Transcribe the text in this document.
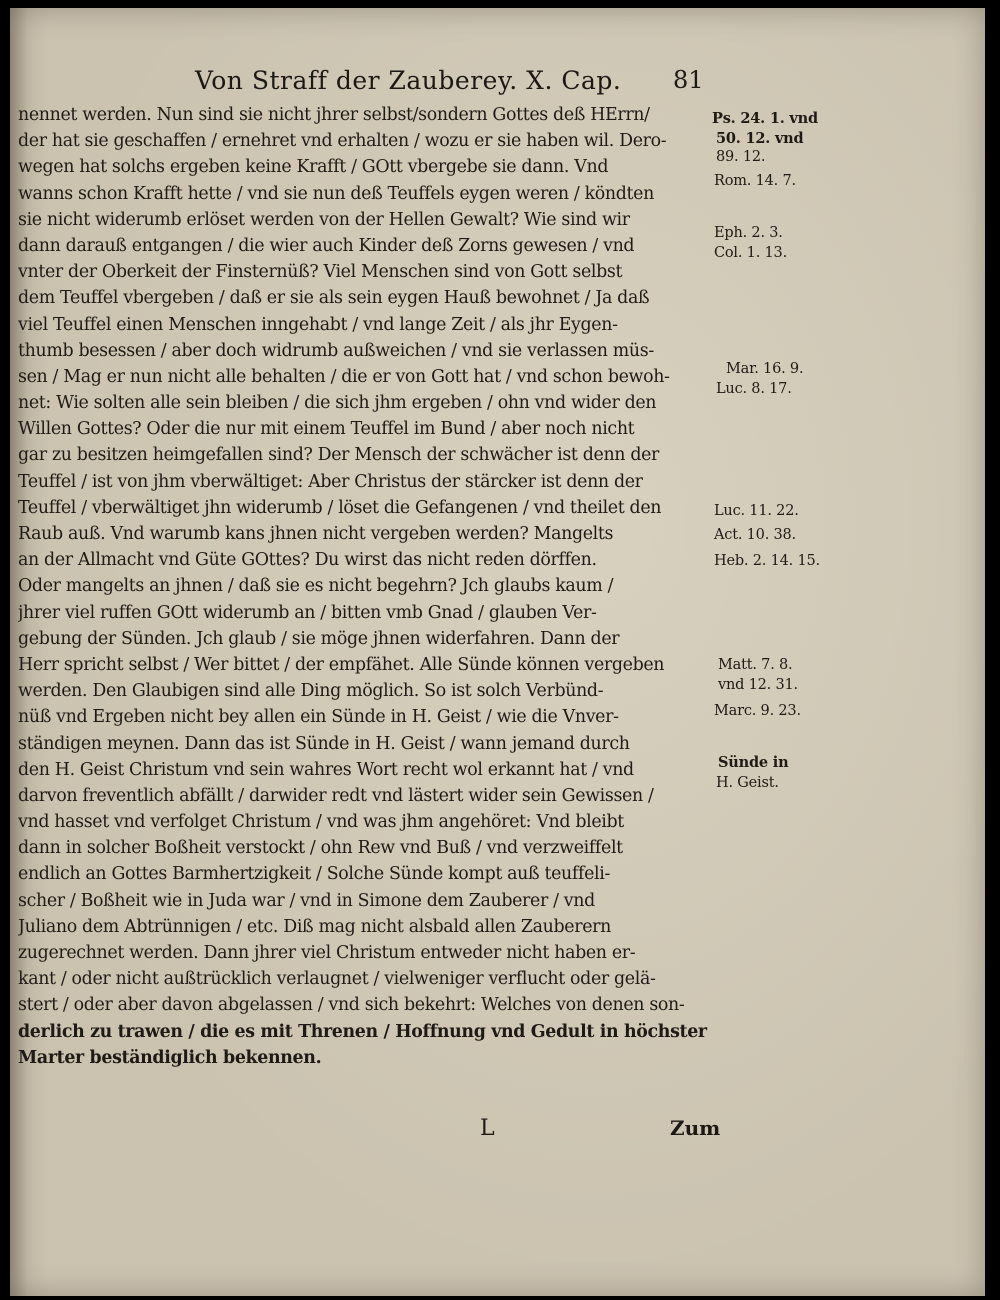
Von Straff der Zauberey. X. Cap. 81
nennet werden. Nun sind sie nicht jhrer selbst/sondern Gottes deß HErrn/
der hat sie geschaffen / ernehret vnd erhalten / wozu er sie haben wil. Dero-
wegen hat solchs ergeben keine Krafft / GOtt vbergebe sie dann. Vnd
wanns schon Krafft hette / vnd sie nun deß Teuffels eygen weren / köndten
sie nicht widerumb erlöset werden von der Hellen Gewalt? Wie sind wir
dann darauß entgangen / die wier auch Kinder deß Zorns gewesen / vnd
vnter der Oberkeit der Finsternüß? Viel Menschen sind von Gott selbst
dem Teuffel vbergeben / daß er sie als sein eygen Hauß bewohnet / Ja daß
viel Teuffel einen Menschen inngehabt / vnd lange Zeit / als jhr Eygen-
thumb besessen / aber doch widrumb außweichen / vnd sie verlassen müs-
sen / Mag er nun nicht alle behalten / die er von Gott hat / vnd schon bewoh-
net: Wie solten alle sein bleiben / die sich jhm ergeben / ohn vnd wider den
Willen Gottes? Oder die nur mit einem Teuffel im Bund / aber noch nicht
gar zu besitzen heimgefallen sind? Der Mensch der schwächer ist denn der
Teuffel / ist von jhm vberwältiget: Aber Christus der stärcker ist denn der
Teuffel / vberwältiget jhn widerumb / löset die Gefangenen / vnd theilet den
Raub auß. Vnd warumb kans jhnen nicht vergeben werden? Mangelts
an der Allmacht vnd Güte GOttes? Du wirst das nicht reden dörffen.
Oder mangelts an jhnen / daß sie es nicht begehrn? Jch glaubs kaum /
jhrer viel ruffen GOtt widerumb an / bitten vmb Gnad / glauben Ver-
gebung der Sünden. Jch glaub / sie möge jhnen widerfahren. Dann der
Herr spricht selbst / Wer bittet / der empfähet. Alle Sünde können vergeben
werden. Den Glaubigen sind alle Ding möglich. So ist solch Verbünd-
nüß vnd Ergeben nicht bey allen ein Sünde in H. Geist / wie die Vnver-
ständigen meynen. Dann das ist Sünde in H. Geist / wann jemand durch
den H. Geist Christum vnd sein wahres Wort recht wol erkannt hat / vnd
darvon freventlich abfällt / darwider redt vnd lästert wider sein Gewissen /
vnd hasset vnd verfolget Christum / vnd was jhm angehöret: Vnd bleibt
dann in solcher Boßheit verstockt / ohn Rew vnd Buß / vnd verzweiffelt
endlich an Gottes Barmhertzigkeit / Solche Sünde kompt auß teuffeli-
scher / Boßheit wie in Juda war / vnd in Simone dem Zauberer / vnd
Juliano dem Abtrünnigen / etc. Diß mag nicht alsbald allen Zauberern
zugerechnet werden. Dann jhrer viel Christum entweder nicht haben er-
kant / oder nicht außtrücklich verlaugnet / vielweniger verflucht oder gelä-
stert / oder aber davon abgelassen / vnd sich bekehrt: Welches von denen son-
derlich zu trawen / die es mit Threnen / Hoffnung vnd Gedult in höchster
Marter beständiglich bekennen.
Ps. 24. 1. vnd
50. 12. vnd
89. 12.
Rom. 14. 7.
Eph. 2. 3.
Col. 1. 13.
Mar. 16. 9.
Luc. 8. 17.
Luc. 11. 22.
Act. 10. 38.
Heb. 2. 14. 15.
Matt. 7. 8.
vnd 12. 31.
Marc. 9. 23.
Sünde in
H. Geist.
L	Zum
